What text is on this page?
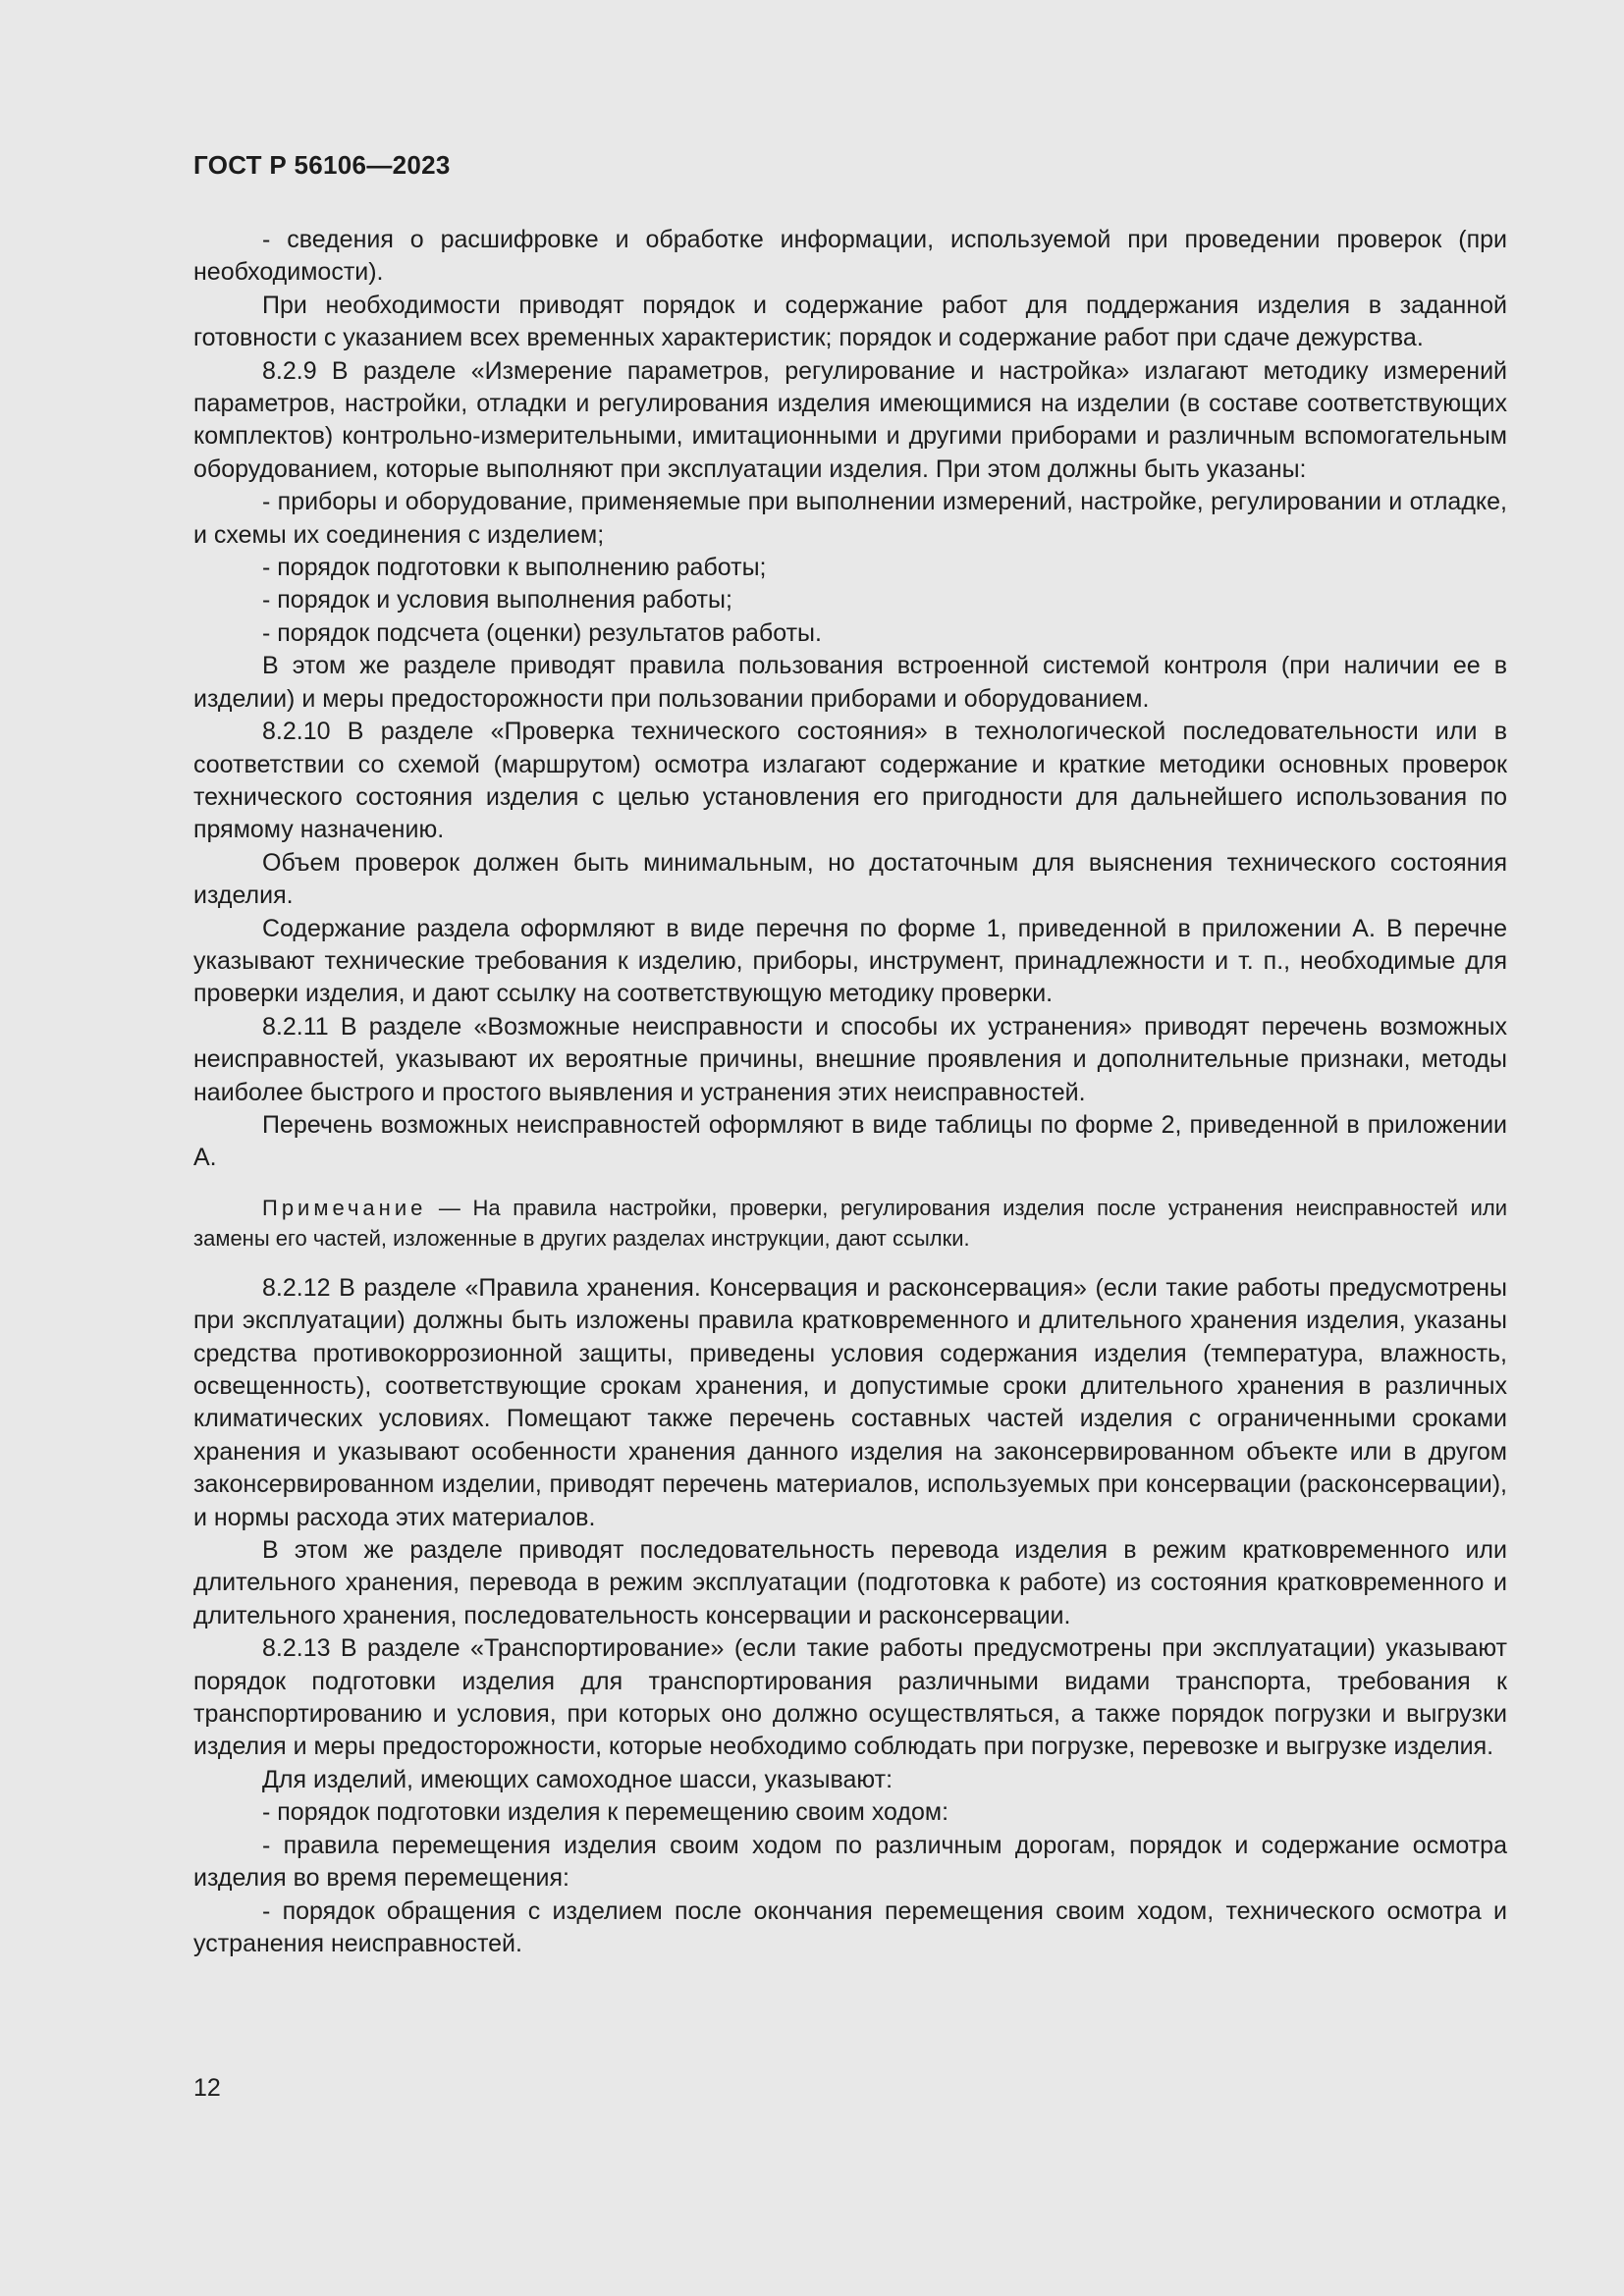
ГОСТ Р 56106—2023

- сведения о расшифровке и обработке информации, используемой при проведении проверок (при необходимости).

При необходимости приводят порядок и содержание работ для поддержания изделия в заданной готовности с указанием всех временных характеристик; порядок и содержание работ при сдаче дежурства.

8.2.9 В разделе «Измерение параметров, регулирование и настройка» излагают методику измерений параметров, настройки, отладки и регулирования изделия имеющимися на изделии (в составе соответствующих комплектов) контрольно-измерительными, имитационными и другими приборами и различным вспомогательным оборудованием, которые выполняют при эксплуатации изделия. При этом должны быть указаны:

- приборы и оборудование, применяемые при выполнении измерений, настройке, регулировании и отладке, и схемы их соединения с изделием;

- порядок подготовки к выполнению работы;

- порядок и условия выполнения работы;

- порядок подсчета (оценки) результатов работы.

В этом же разделе приводят правила пользования встроенной системой контроля (при наличии ее в изделии) и меры предосторожности при пользовании приборами и оборудованием.

8.2.10 В разделе «Проверка технического состояния» в технологической последовательности или в соответствии со схемой (маршрутом) осмотра излагают содержание и краткие методики основных проверок технического состояния изделия с целью установления его пригодности для дальнейшего использования по прямому назначению.

Объем проверок должен быть минимальным, но достаточным для выяснения технического состояния изделия.

Содержание раздела оформляют в виде перечня по форме 1, приведенной в приложении А. В перечне указывают технические требования к изделию, приборы, инструмент, принадлежности и т. п., необходимые для проверки изделия, и дают ссылку на соответствующую методику проверки.

8.2.11 В разделе «Возможные неисправности и способы их устранения» приводят перечень возможных неисправностей, указывают их вероятные причины, внешние проявления и дополнительные признаки, методы наиболее быстрого и простого выявления и устранения этих неисправностей.

Перечень возможных неисправностей оформляют в виде таблицы по форме 2, приведенной в приложении А.

Примечание — На правила настройки, проверки, регулирования изделия после устранения неисправностей или замены его частей, изложенные в других разделах инструкции, дают ссылки.

8.2.12 В разделе «Правила хранения. Консервация и расконсервация» (если такие работы предусмотрены при эксплуатации) должны быть изложены правила кратковременного и длительного хранения изделия, указаны средства противокоррозионной защиты, приведены условия содержания изделия (температура, влажность, освещенность), соответствующие срокам хранения, и допустимые сроки длительного хранения в различных климатических условиях. Помещают также перечень составных частей изделия с ограниченными сроками хранения и указывают особенности хранения данного изделия на законсервированном объекте или в другом законсервированном изделии, приводят перечень материалов, используемых при консервации (расконсервации), и нормы расхода этих материалов.

В этом же разделе приводят последовательность перевода изделия в режим кратковременного или длительного хранения, перевода в режим эксплуатации (подготовка к работе) из состояния кратковременного и длительного хранения, последовательность консервации и расконсервации.

8.2.13 В разделе «Транспортирование» (если такие работы предусмотрены при эксплуатации) указывают порядок подготовки изделия для транспортирования различными видами транспорта, требования к транспортированию и условия, при которых оно должно осуществляться, а также порядок погрузки и выгрузки изделия и меры предосторожности, которые необходимо соблюдать при погрузке, перевозке и выгрузке изделия.

Для изделий, имеющих самоходное шасси, указывают:

- порядок подготовки изделия к перемещению своим ходом:

- правила перемещения изделия своим ходом по различным дорогам, порядок и содержание осмотра изделия во время перемещения:

- порядок обращения с изделием после окончания перемещения своим ходом, технического осмотра и устранения неисправностей.

12
